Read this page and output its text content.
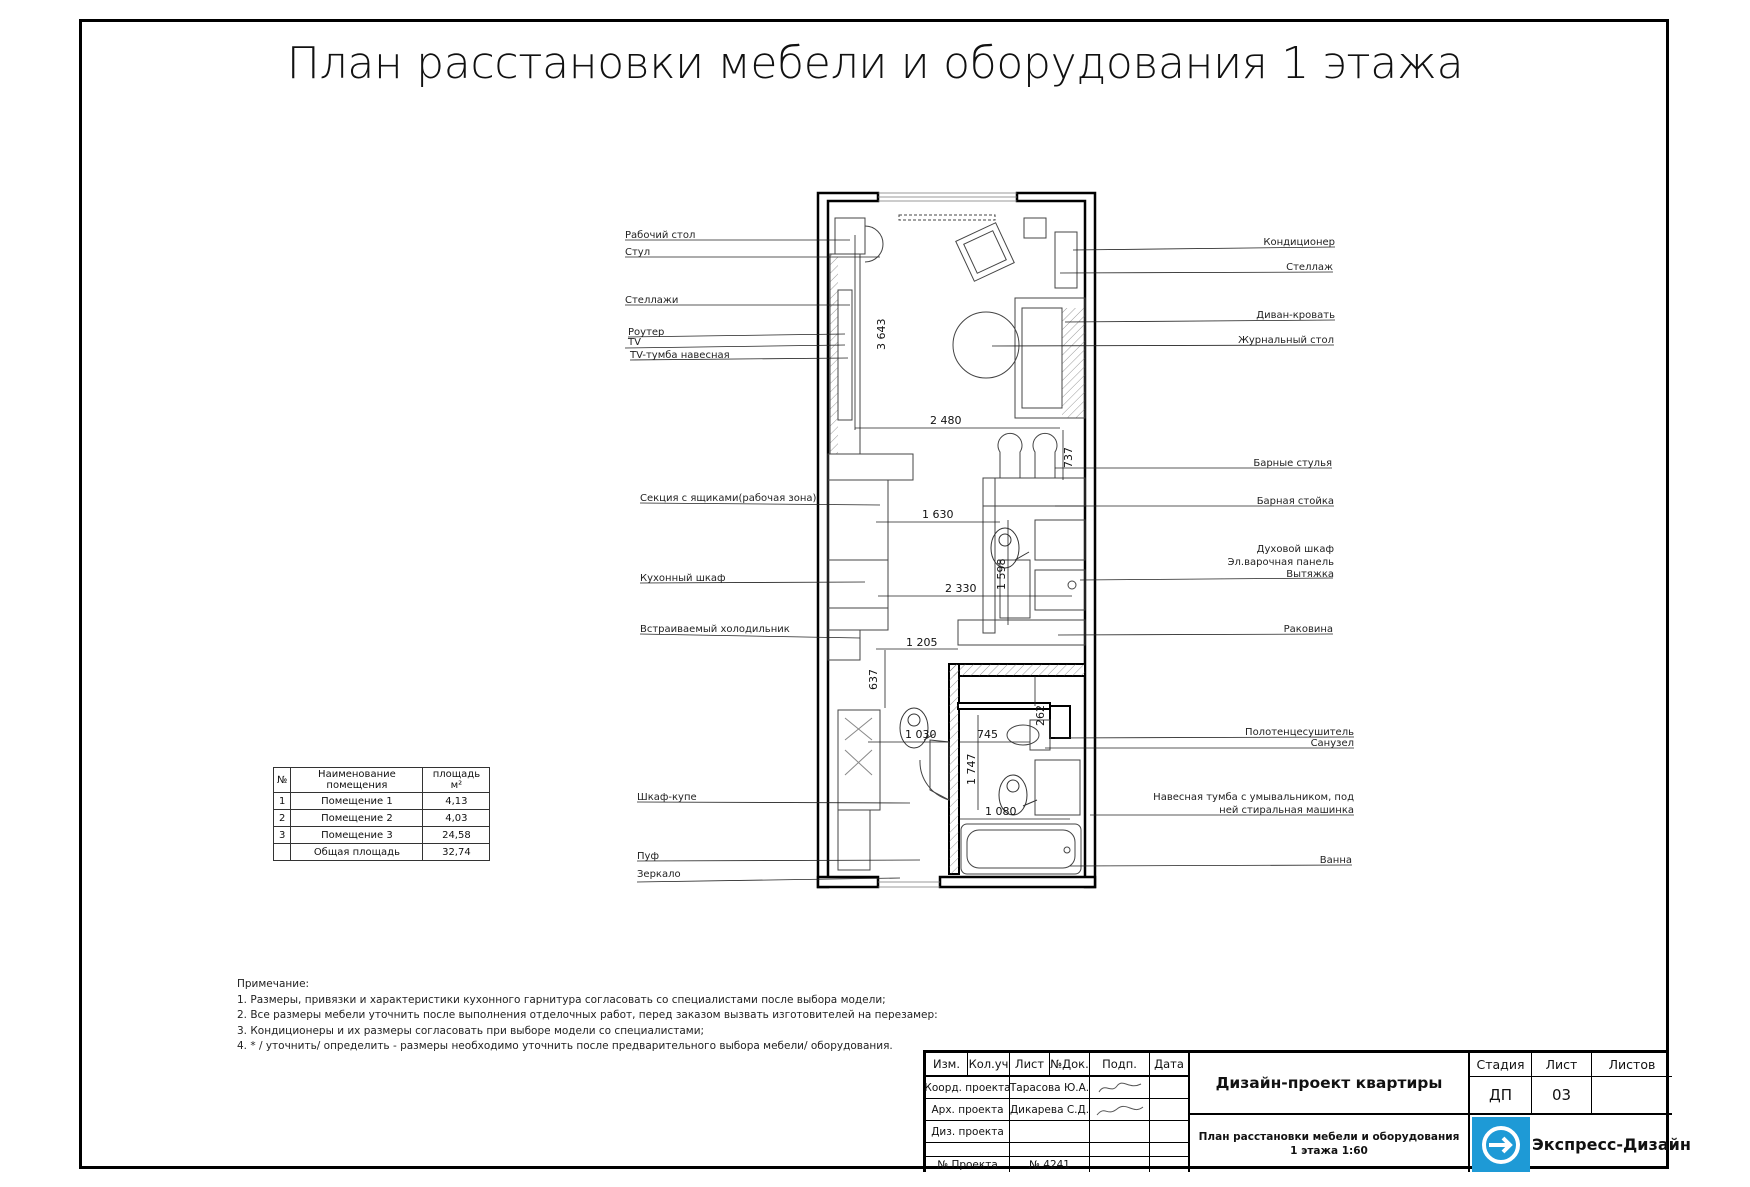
План расстановки мебели и оборудования 1 этажа
3 643
2 480
737
1 630
1 598
2 330
1 205
637
262
745
1 030
1 747
1 080
Рабочий стол
Стул
Стеллажи
Роутер
TV
TV-тумба навесная
Секция с ящиками(рабочая зона)
Кухонный шкаф
Встраиваемый холодильник
Шкаф-купе
Пуф
Зеркало
Кондиционер
Стеллаж
Диван-кровать
Журнальный стол
Барные стулья
Барная стойка
Духовой шкаф
Эл.варочная панель
Вытяжка
Раковина
Полотенцесушитель
Санузел
Навесная тумба с умывальником, под
ней стиральная машинка
Ванна
№	Наименование помещения	площадь м²
1	Помещение 1	4,13
2	Помещение 2	4,03
3	Помещение 3	24,58
	Общая площадь	32,74
Примечание:
1. Размеры, привязки и характеристики кухонного гарнитура согласовать со специалистами после выбора модели;
2. Все размеры мебели уточнить после выполнения отделочных работ, перед заказом вызвать изготовителей на перезамер:
3. Кондиционеры и их размеры согласовать при выборе модели со специалистами;
4. * / уточнить/ определить - размеры необходимо уточнить после предварительного выбора мебели/ оборудования.
Изм. Кол.уч Лист №Док.	Подп.	Дата
Коорд. проекта Тарасова Ю.А.
Арх. проекта Дикарева С.Д.
Диз. проекта
№ Проекта	№ 4241
Дизайн-проект квартиры
План расстановки мебели и оборудования 1 этажа 1:60
Стадия	Лист	Листов
ДП	03
Экспресс-Дизайн
